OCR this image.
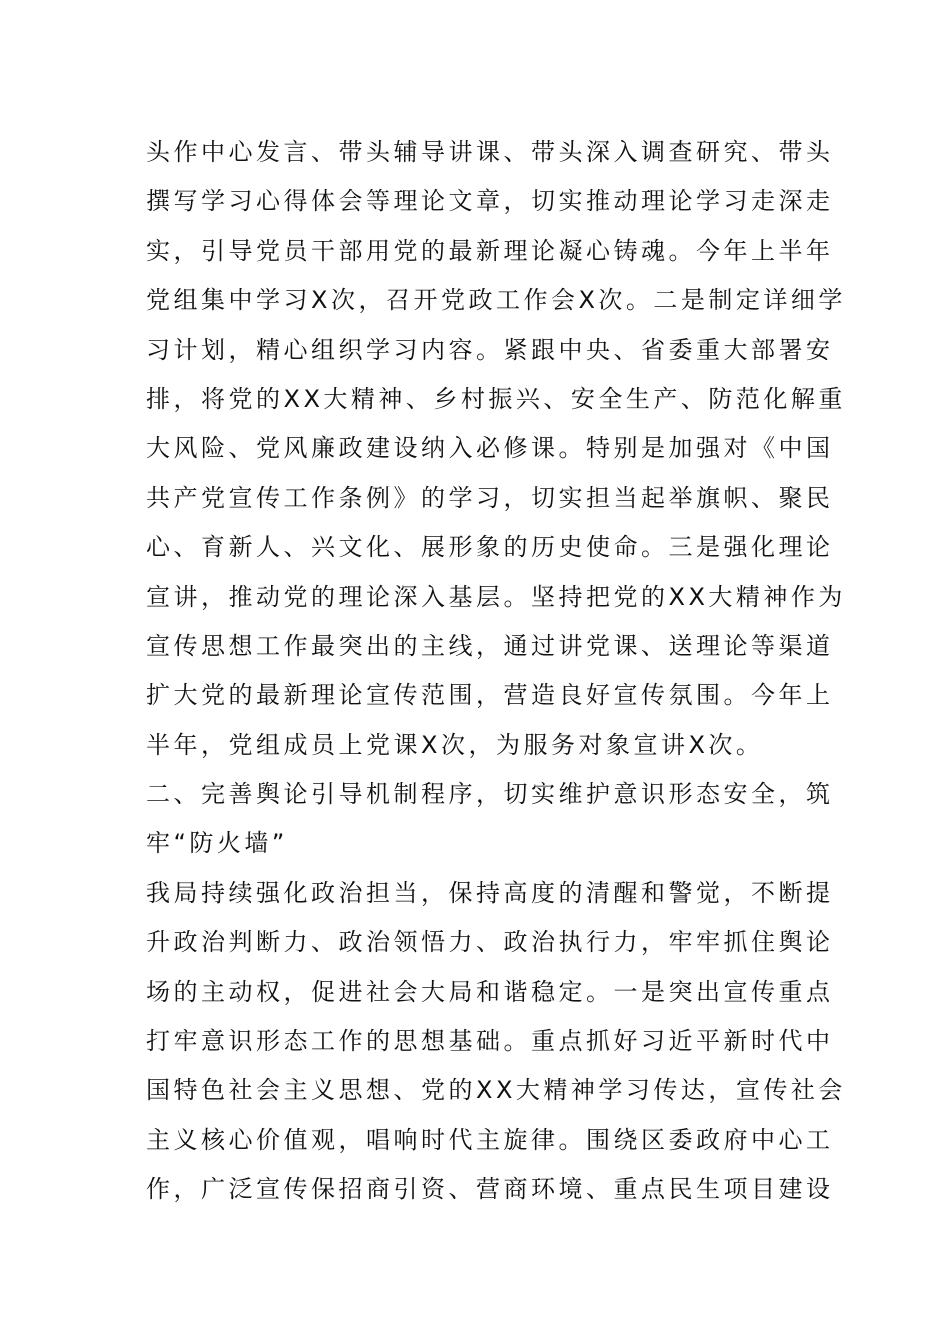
头作中心发言、带头辅导讲课、带头深入调查研究、带头
撰写学习心得体会等理论文章，切实推动理论学习走深走
实，引导党员干部用党的最新理论凝心铸魂。今年上半年
党组集中学习X次，召开党政工作会X次。二是制定详细学
习计划，精心组织学习内容。紧跟中央、省委重大部署安
排，将党的XX大精神、乡村振兴、安全生产、防范化解重
大风险、党风廉政建设纳入必修课。特别是加强对《中国
共产党宣传工作条例》的学习，切实担当起举旗帜、聚民
心、育新人、兴文化、展形象的历史使命。三是强化理论
宣讲，推动党的理论深入基层。坚持把党的XX大精神作为
宣传思想工作最突出的主线，通过讲党课、送理论等渠道
扩大党的最新理论宣传范围，营造良好宣传氛围。今年上
半年，党组成员上党课X次，为服务对象宣讲X次。
二、完善舆论引导机制程序，切实维护意识形态安全，筑
牢“防火墙”
我局持续强化政治担当，保持高度的清醒和警觉，不断提
升政治判断力、政治领悟力、政治执行力，牢牢抓住舆论
场的主动权，促进社会大局和谐稳定。一是突出宣传重点
打牢意识形态工作的思想基础。重点抓好习近平新时代中
国特色社会主义思想、党的XX大精神学习传达，宣传社会
主义核心价值观，唱响时代主旋律。围绕区委政府中心工
作，广泛宣传保招商引资、营商环境、重点民生项目建设
